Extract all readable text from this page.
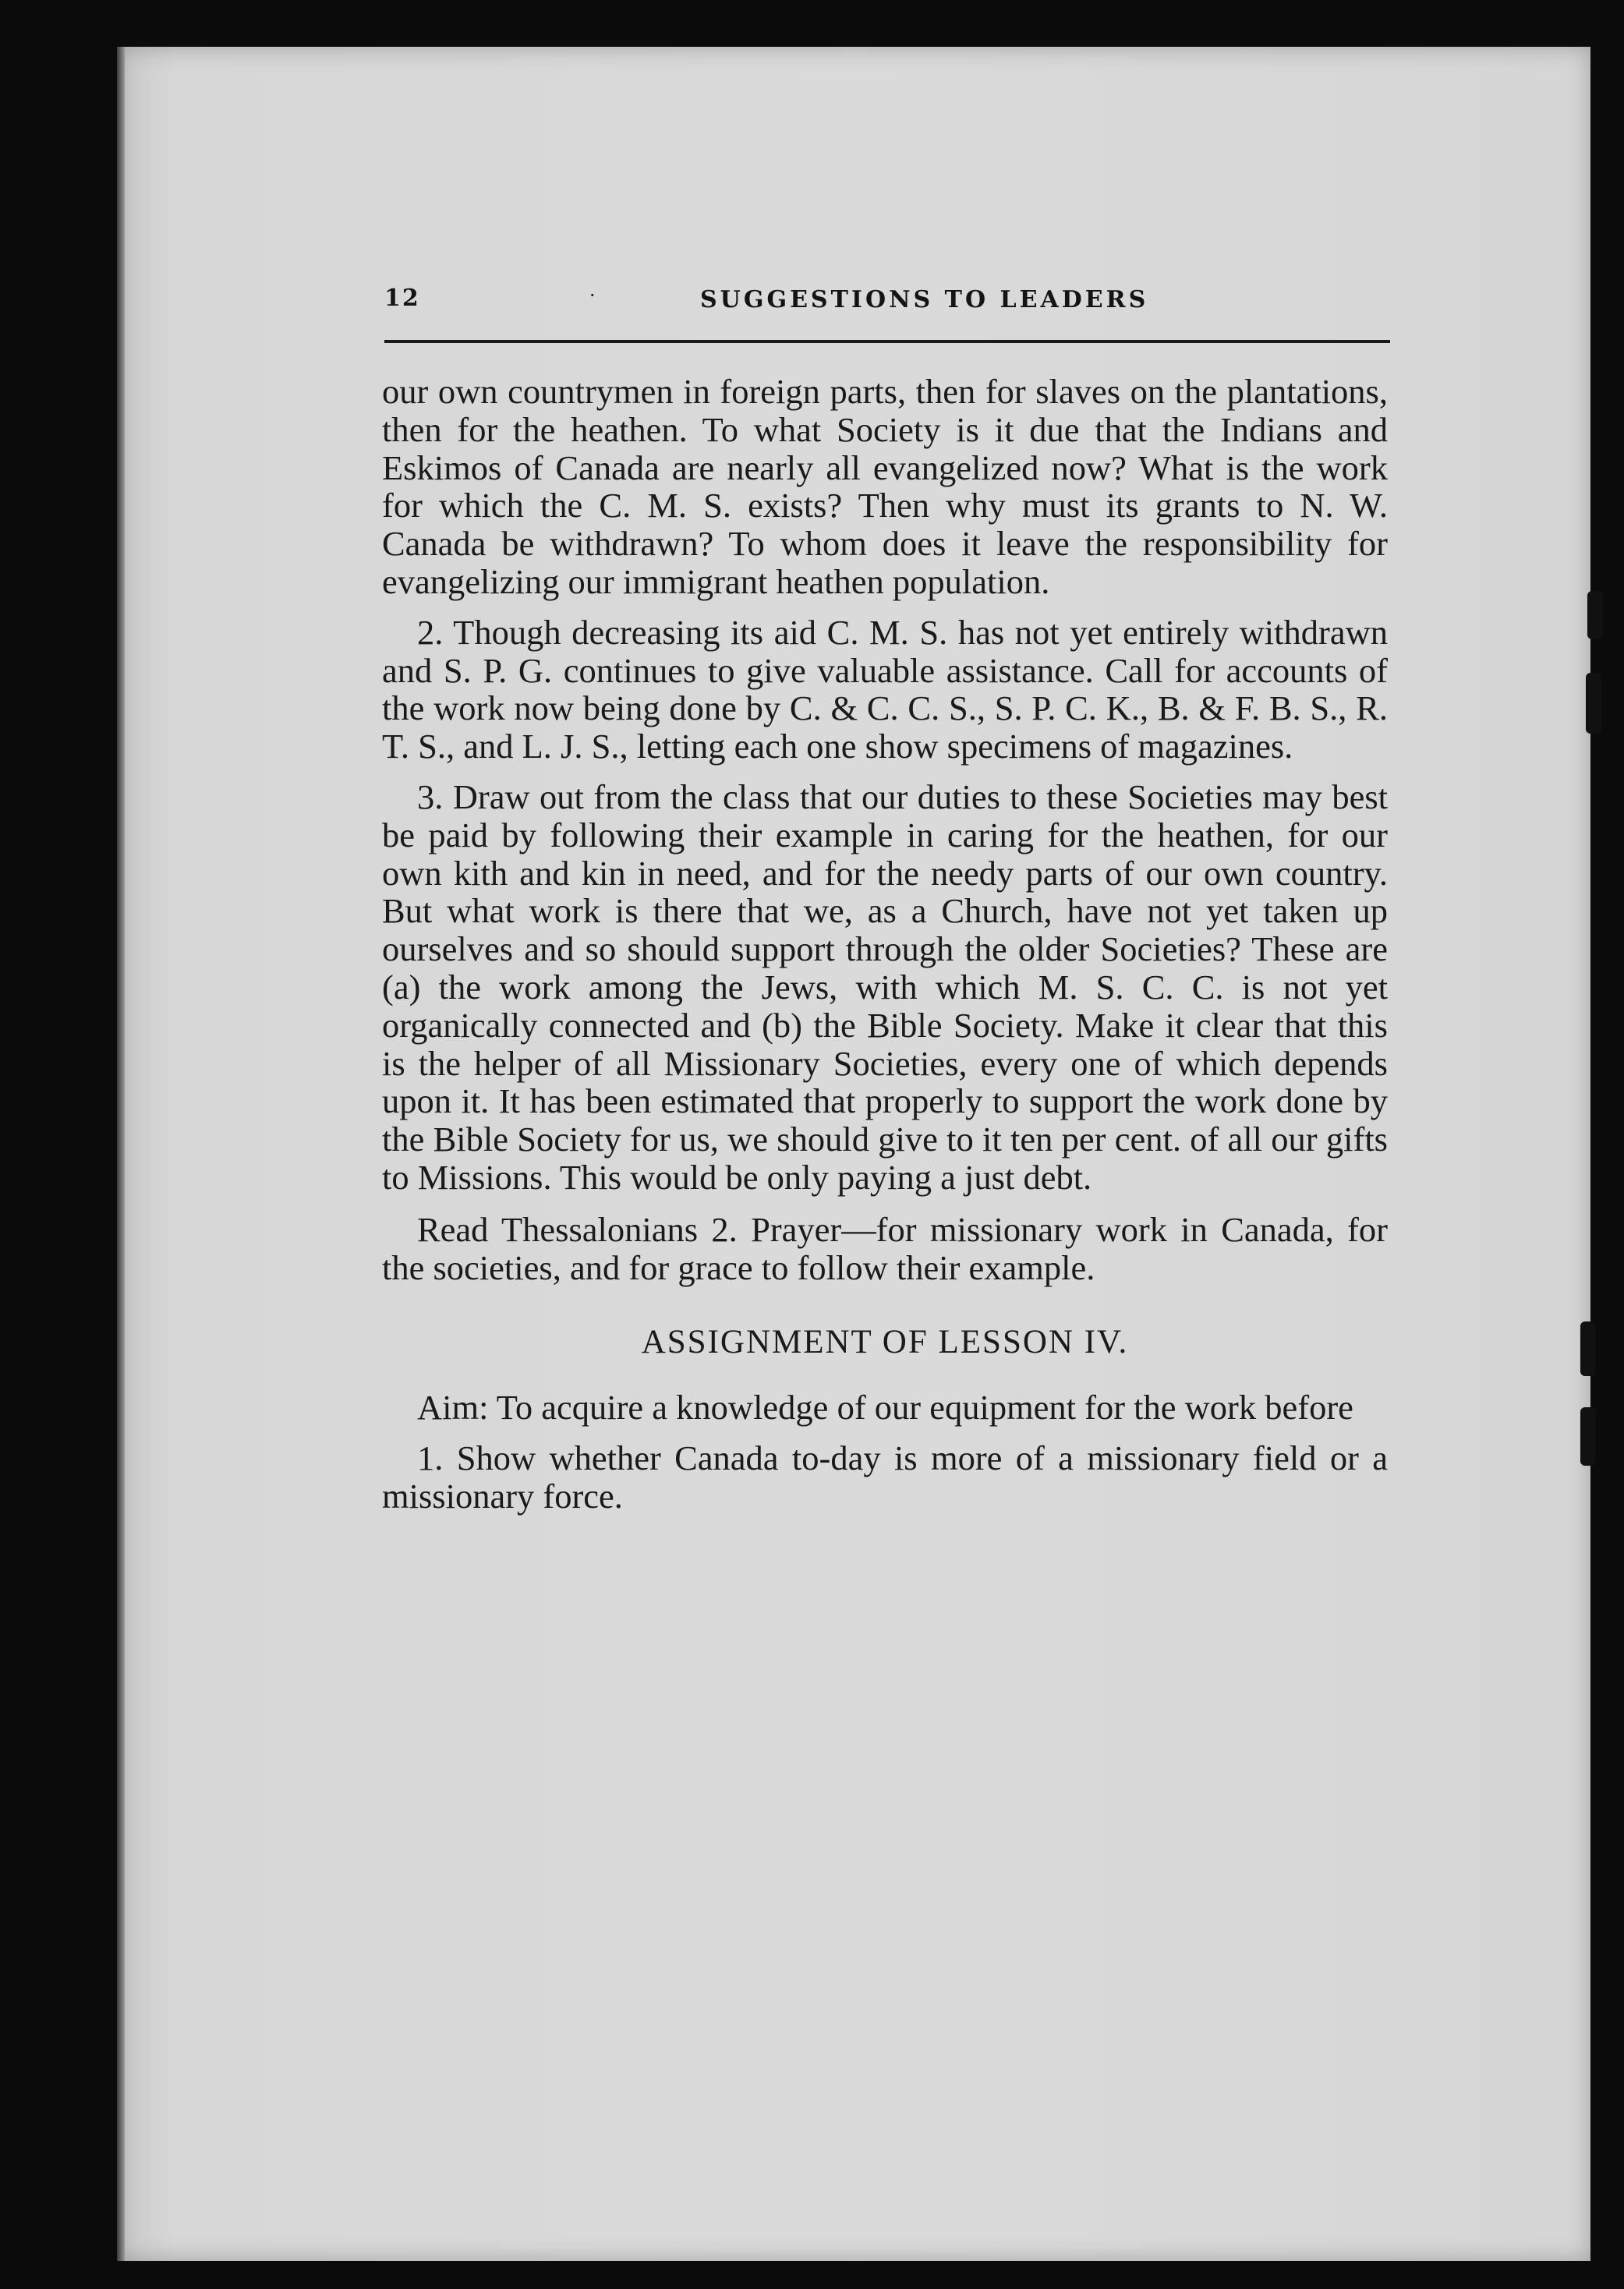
12	·	SUGGESTIONS TO LEADERS

our own countrymen in foreign parts, then for slaves on the plantations, then for the heathen. To what Society is it due that the Indians and Eskimos of Canada are nearly all evangelized now? What is the work for which the C. M. S. exists? Then why must its grants to N. W. Canada be withdrawn? To whom does it leave the responsibility for evangelizing our immigrant heathen population.

2. Though decreasing its aid C. M. S. has not yet entirely withdrawn and S. P. G. continues to give valuable assistance. Call for accounts of the work now being done by C. & C. C. S., S. P. C. K., B. & F. B. S., R. T. S., and L. J. S., letting each one show specimens of magazines.

3. Draw out from the class that our duties to these Societies may best be paid by following their example in caring for the heathen, for our own kith and kin in need, and for the needy parts of our own country. But what work is there that we, as a Church, have not yet taken up ourselves and so should support through the older Societies? These are (a) the work among the Jews, with which M. S. C. C. is not yet organically connected and (b) the Bible Society. Make it clear that this is the helper of all Missionary Societies, every one of which depends upon it. It has been estimated that properly to support the work done by the Bible Society for us, we should give to it ten per cent. of all our gifts to Missions. This would be only paying a just debt.

Read Thessalonians 2. Prayer—for missionary work in Canada, for the societies, and for grace to follow their example.

ASSIGNMENT OF LESSON IV.

Aim: To acquire a knowledge of our equipment for the work before

1. Show whether Canada to-day is more of a missionary field or a missionary force.
